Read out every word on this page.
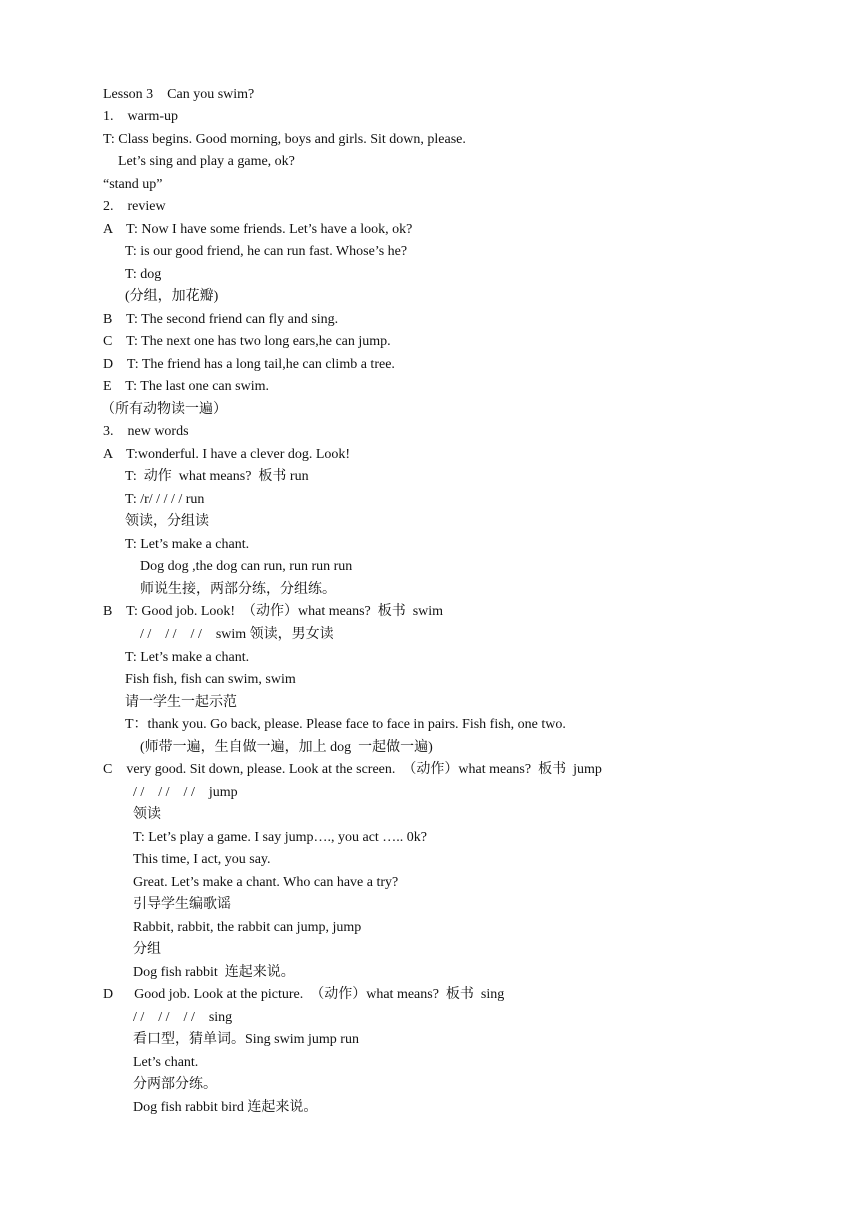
Lesson 3    Can you swim?
1.    warm-up
T: Class begins. Good morning, boys and girls. Sit down, please.
Let’s sing and play a game, ok?
“stand up”
2.    review
A    T: Now I have some friends. Let’s have a look, ok?
T: is our good friend, he can run fast. Whose’s he?
T: dog
(分组，加花瓣)
B    T: The second friend can fly and sing.
C    T: The next one has two long ears,he can jump.
D    T: The friend has a long tail,he can climb a tree.
E    T: The last one can swim.
（所有动物读一遍）
3.    new words
A    T:wonderful. I have a clever dog. Look!
T:  动作  what means?  板书 run
T: /r/ / / / / run
领读，分组读
T: Let’s make a chant.
Dog dog ,the dog can run, run run run
师说生接，两部分练，分组练。
B    T: Good job. Look!  （动作）what means?  板书  swim
/ /    / /    / /    swim 领读，男女读
T: Let’s make a chant.
Fish fish, fish can swim, swim
请一学生一起示范
T：thank you. Go back, please. Please face to face in pairs. Fish fish, one two.
(师带一遍，生自做一遍，加上 dog  一起做一遍)
C    very good. Sit down, please. Look at the screen.  （动作）what means?  板书  jump
/ /    / /    / /    jump
领读
T: Let’s play a game. I say jump…., you act ….. 0k?
This time, I act, you say.
Great. Let’s make a chant. Who can have a try?
引导学生编歌谣
Rabbit, rabbit, the rabbit can jump, jump
分组
Dog fish rabbit  连起来说。
D      Good job. Look at the picture.  （动作）what means?  板书  sing
/ /    / /    / /    sing
看口型，猜单词。Sing swim jump run
Let’s chant.
分两部分练。
Dog fish rabbit bird 连起来说。
